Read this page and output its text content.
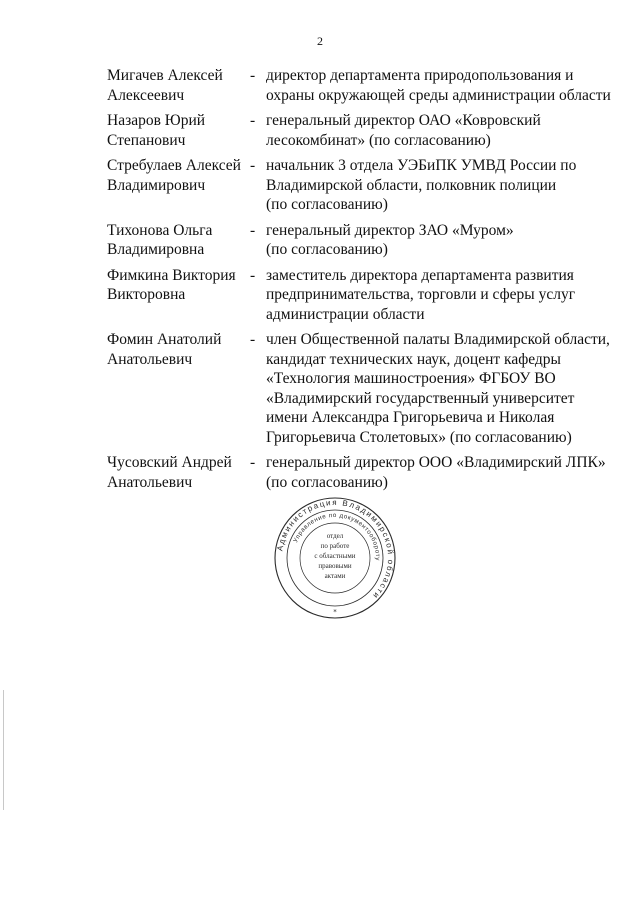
2
Мигачев Алексей
Алексеевич
- директор департамента природопользования и
охраны окружающей среды администрации области
Назаров Юрий
Степанович
- генеральный директор ОАО «Ковровский
лесокомбинат» (по согласованию)
Стребулаев Алексей
Владимирович
- начальник 3 отдела УЭБиПК УМВД России по
Владимирской области, полковник полиции
(по согласованию)
Тихонова Ольга
Владимировна
- генеральный директор ЗАО «Муром»
(по согласованию)
Фимкина Виктория
Викторовна
- заместитель директора департамента развития
предпринимательства, торговли и сферы услуг
администрации области
Фомин Анатолий
Анатольевич
- член Общественной палаты Владимирской области,
кандидат технических наук, доцент кафедры
«Технология машиностроения» ФГБОУ ВО
«Владимирский государственный университет
имени Александра Григорьевича и Николая
Григорьевича Столетовых» (по согласованию)
Чусовский Андрей
Анатольевич
- генеральный директор ООО «Владимирский ЛПК»
(по согласованию)
Администрация Владимирской области
Управление по документообороту
*
отдел
по работе
с областными
правовыми
актами
